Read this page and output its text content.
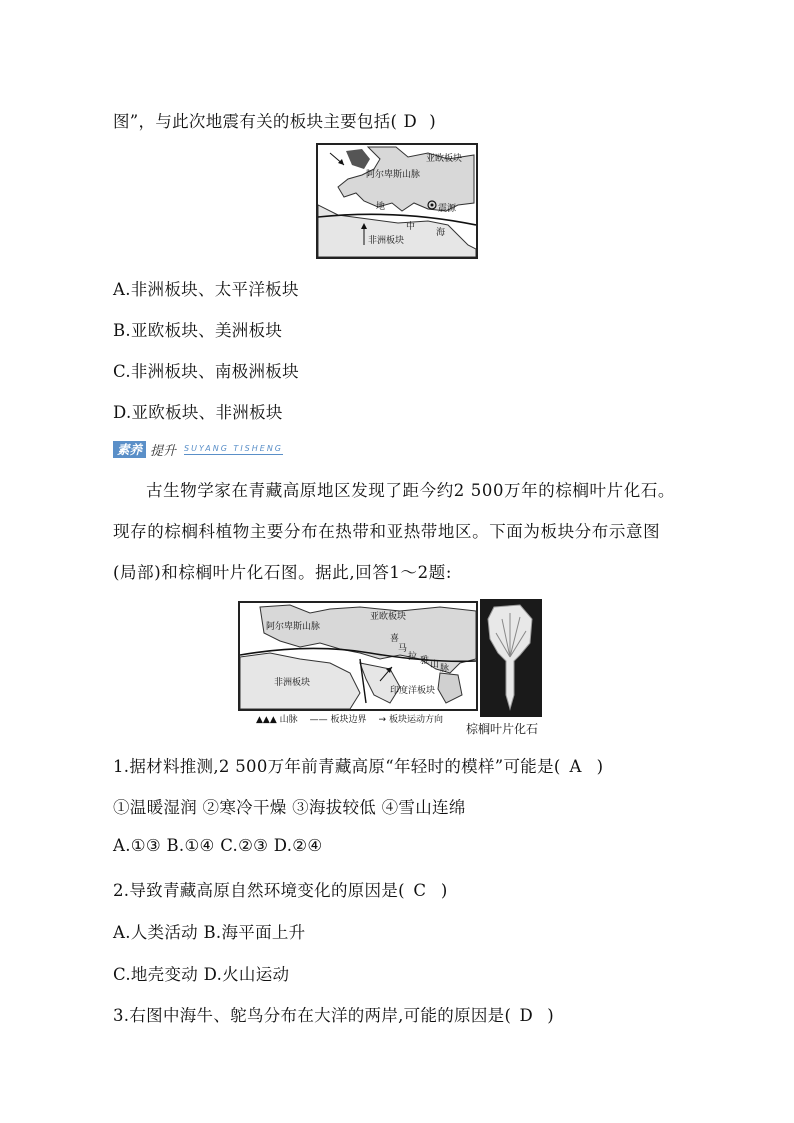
图”，与此次地震有关的板块主要包括( D )
亚欧板块
阿尔卑斯山脉
地
中
海
震源
非洲板块
A.非洲板块、太平洋板块
B.亚欧板块、美洲板块
C.非洲板块、南极洲板块
D.亚欧板块、非洲板块
素养 提升 SUYANG TISHENG
古生物学家在青藏高原地区发现了距今约2 500万年的棕榈叶片化石。现存的棕榈科植物主要分布在热带和亚热带地区。下面为板块分布示意图(局部)和棕榈叶片化石图。据此,回答1～2题:
亚欧板块
阿尔卑斯山脉
非洲板块
印度洋板块
喜
马
拉 雅 山 脉
▲▲▲ 山脉 —— 板块边界 → 板块运动方向
棕榈叶片化石
1.据材料推测,2 500万年前青藏高原“年轻时的模样”可能是( A )
①温暖湿润 ②寒冷干燥 ③海拔较低 ④雪山连绵
A.①③ B.①④ C.②③ D.②④
2.导致青藏高原自然环境变化的原因是( C )
A.人类活动 B.海平面上升
C.地壳变动 D.火山运动
3.右图中海牛、鸵鸟分布在大洋的两岸,可能的原因是( D )
